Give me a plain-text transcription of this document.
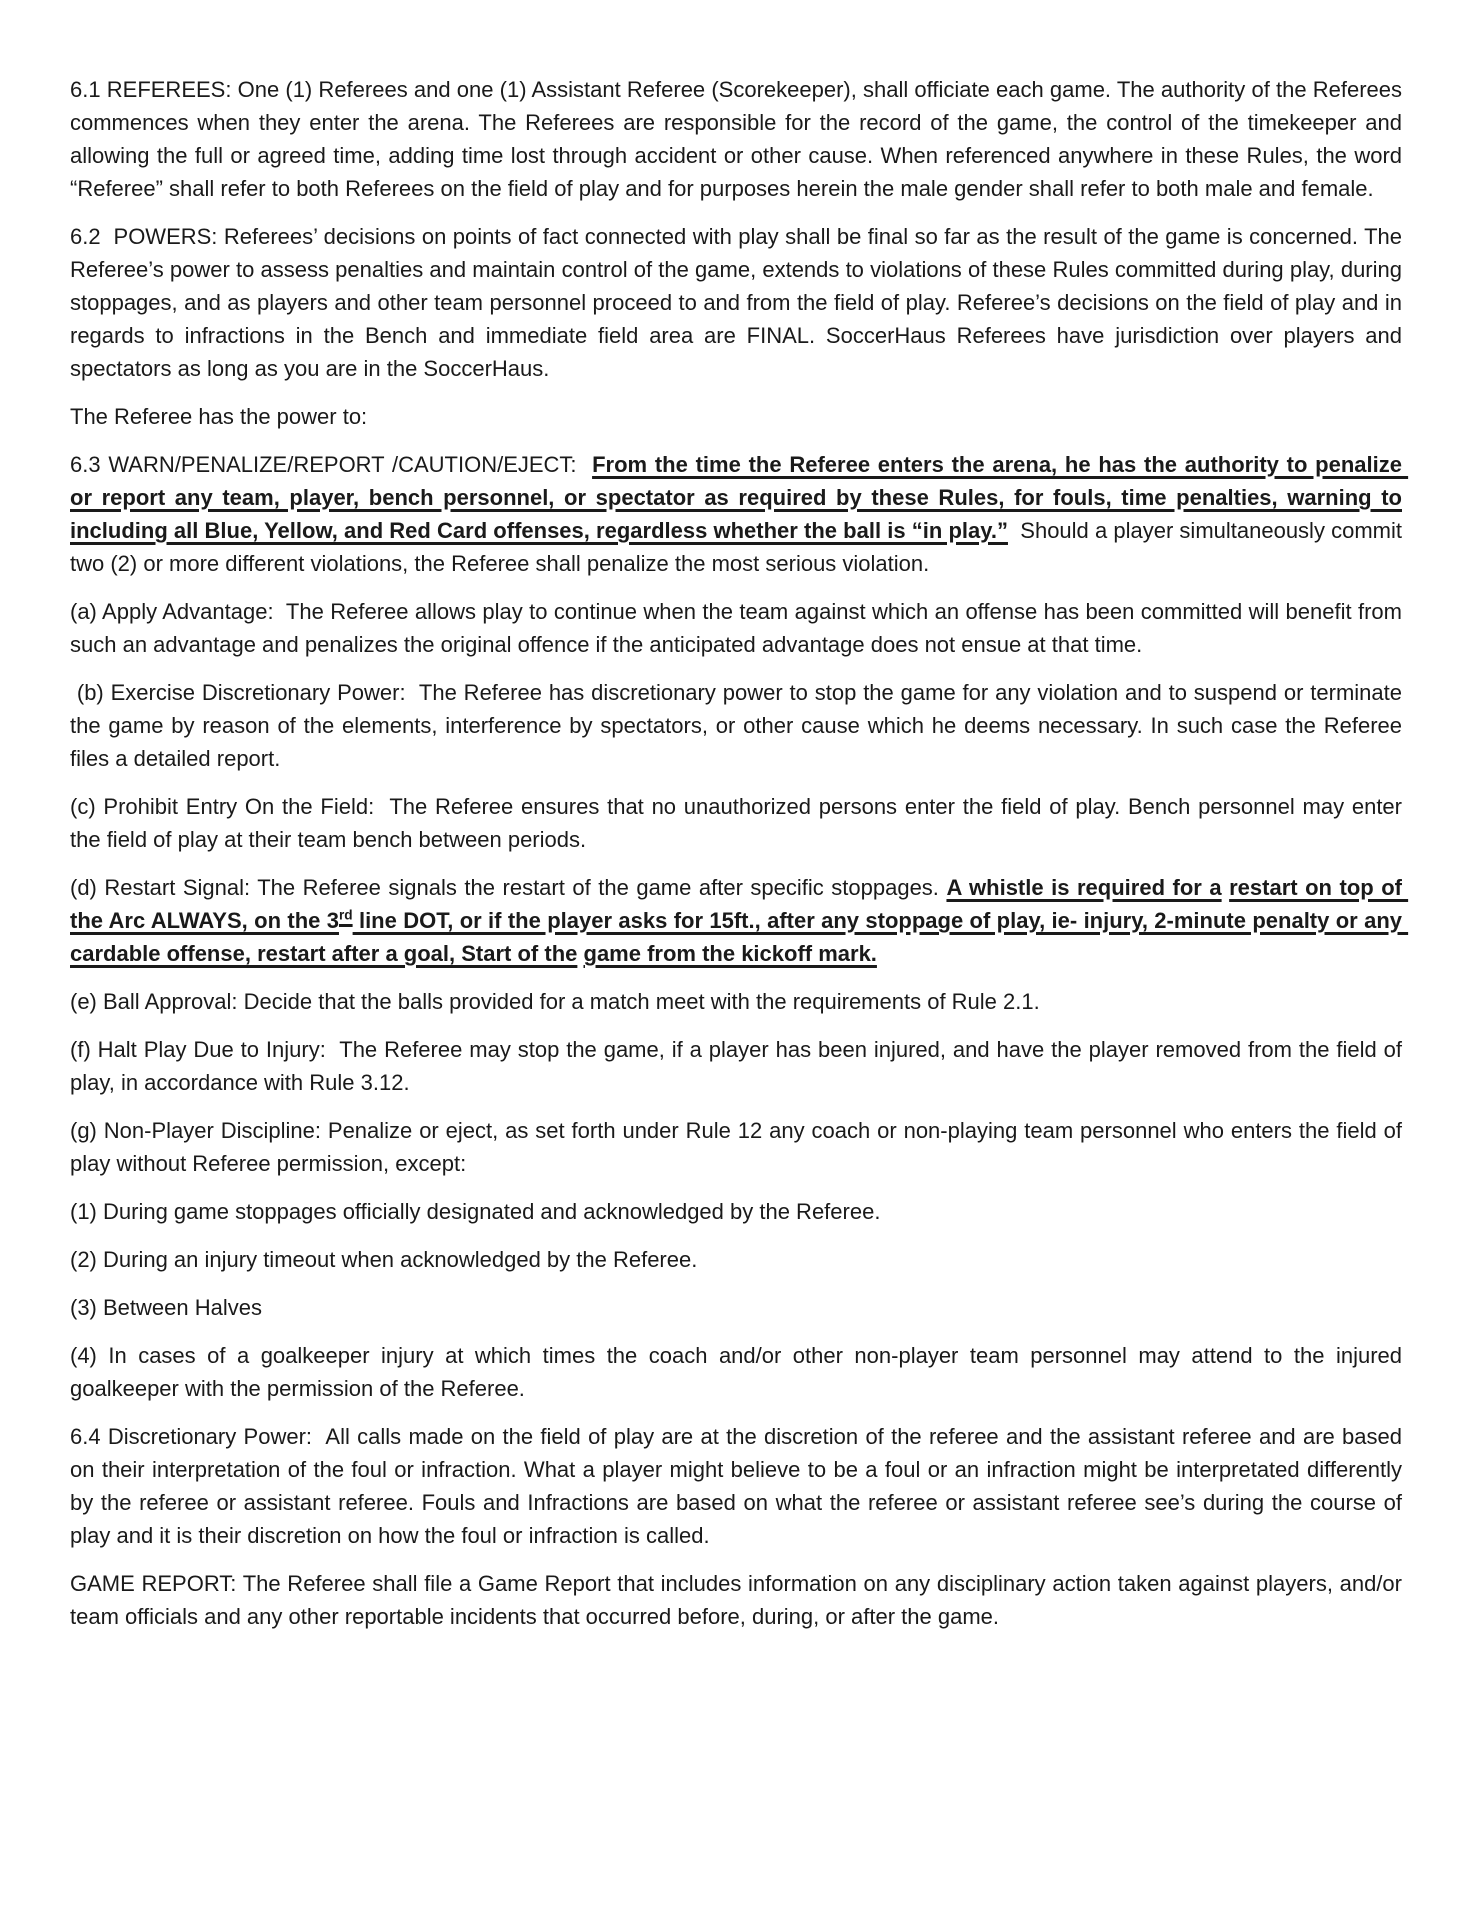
6.1 REFEREES: One (1) Referees and one (1) Assistant Referee (Scorekeeper), shall officiate each game. The authority of the Referees commences when they enter the arena. The Referees are responsible for the record of the game, the control of the timekeeper and allowing the full or agreed time, adding time lost through accident or other cause. When referenced anywhere in these Rules, the word “Referee” shall refer to both Referees on the field of play and for purposes herein the male gender shall refer to both male and female.

6.2  POWERS: Referees’ decisions on points of fact connected with play shall be final so far as the result of the game is concerned. The Referee’s power to assess penalties and maintain control of the game, extends to violations of these Rules committed during play, during stoppages, and as players and other team personnel proceed to and from the field of play. Referee’s decisions on the field of play and in regards to infractions in the Bench and immediate field area are FINAL. SoccerHaus Referees have jurisdiction over players and spectators as long as you are in the SoccerHaus.

The Referee has the power to:

6.3 WARN/PENALIZE/REPORT /CAUTION/EJECT:  From the time the Referee enters the arena, he has the authority to penalize or report any team, player, bench personnel, or spectator as required by these Rules, for fouls, time penalties, warning to including all Blue, Yellow, and Red Card offenses, regardless whether the ball is “in play.”  Should a player simultaneously commit two (2) or more different violations, the Referee shall penalize the most serious violation.

(a) Apply Advantage:  The Referee allows play to continue when the team against which an offense has been committed will benefit from such an advantage and penalizes the original offence if the anticipated advantage does not ensue at that time.

(b) Exercise Discretionary Power:  The Referee has discretionary power to stop the game for any violation and to suspend or terminate the game by reason of the elements, interference by spectators, or other cause which he deems necessary. In such case the Referee files a detailed report.

(c) Prohibit Entry On the Field:  The Referee ensures that no unauthorized persons enter the field of play. Bench personnel may enter the field of play at their team bench between periods.

(d) Restart Signal: The Referee signals the restart of the game after specific stoppages. A whistle is required for a restart on top of the Arc ALWAYS, on the 3rd line DOT, or if the player asks for 15ft., after any stoppage of play, ie- injury, 2-minute penalty or any cardable offense, restart after a goal, Start of the game from the kickoff mark.

(e) Ball Approval: Decide that the balls provided for a match meet with the requirements of Rule 2.1.

(f) Halt Play Due to Injury:  The Referee may stop the game, if a player has been injured, and have the player removed from the field of play, in accordance with Rule 3.12.

(g) Non-Player Discipline: Penalize or eject, as set forth under Rule 12 any coach or non-playing team personnel who enters the field of play without Referee permission, except:

(1) During game stoppages officially designated and acknowledged by the Referee.

(2) During an injury timeout when acknowledged by the Referee.

(3) Between Halves

(4) In cases of a goalkeeper injury at which times the coach and/or other non-player team personnel may attend to the injured goalkeeper with the permission of the Referee.

6.4 Discretionary Power:  All calls made on the field of play are at the discretion of the referee and the assistant referee and are based on their interpretation of the foul or infraction. What a player might believe to be a foul or an infraction might be interpretated differently by the referee or assistant referee. Fouls and Infractions are based on what the referee or assistant referee see’s during the course of play and it is their discretion on how the foul or infraction is called.

GAME REPORT: The Referee shall file a Game Report that includes information on any disciplinary action taken against players, and/or team officials and any other reportable incidents that occurred before, during, or after the game.
